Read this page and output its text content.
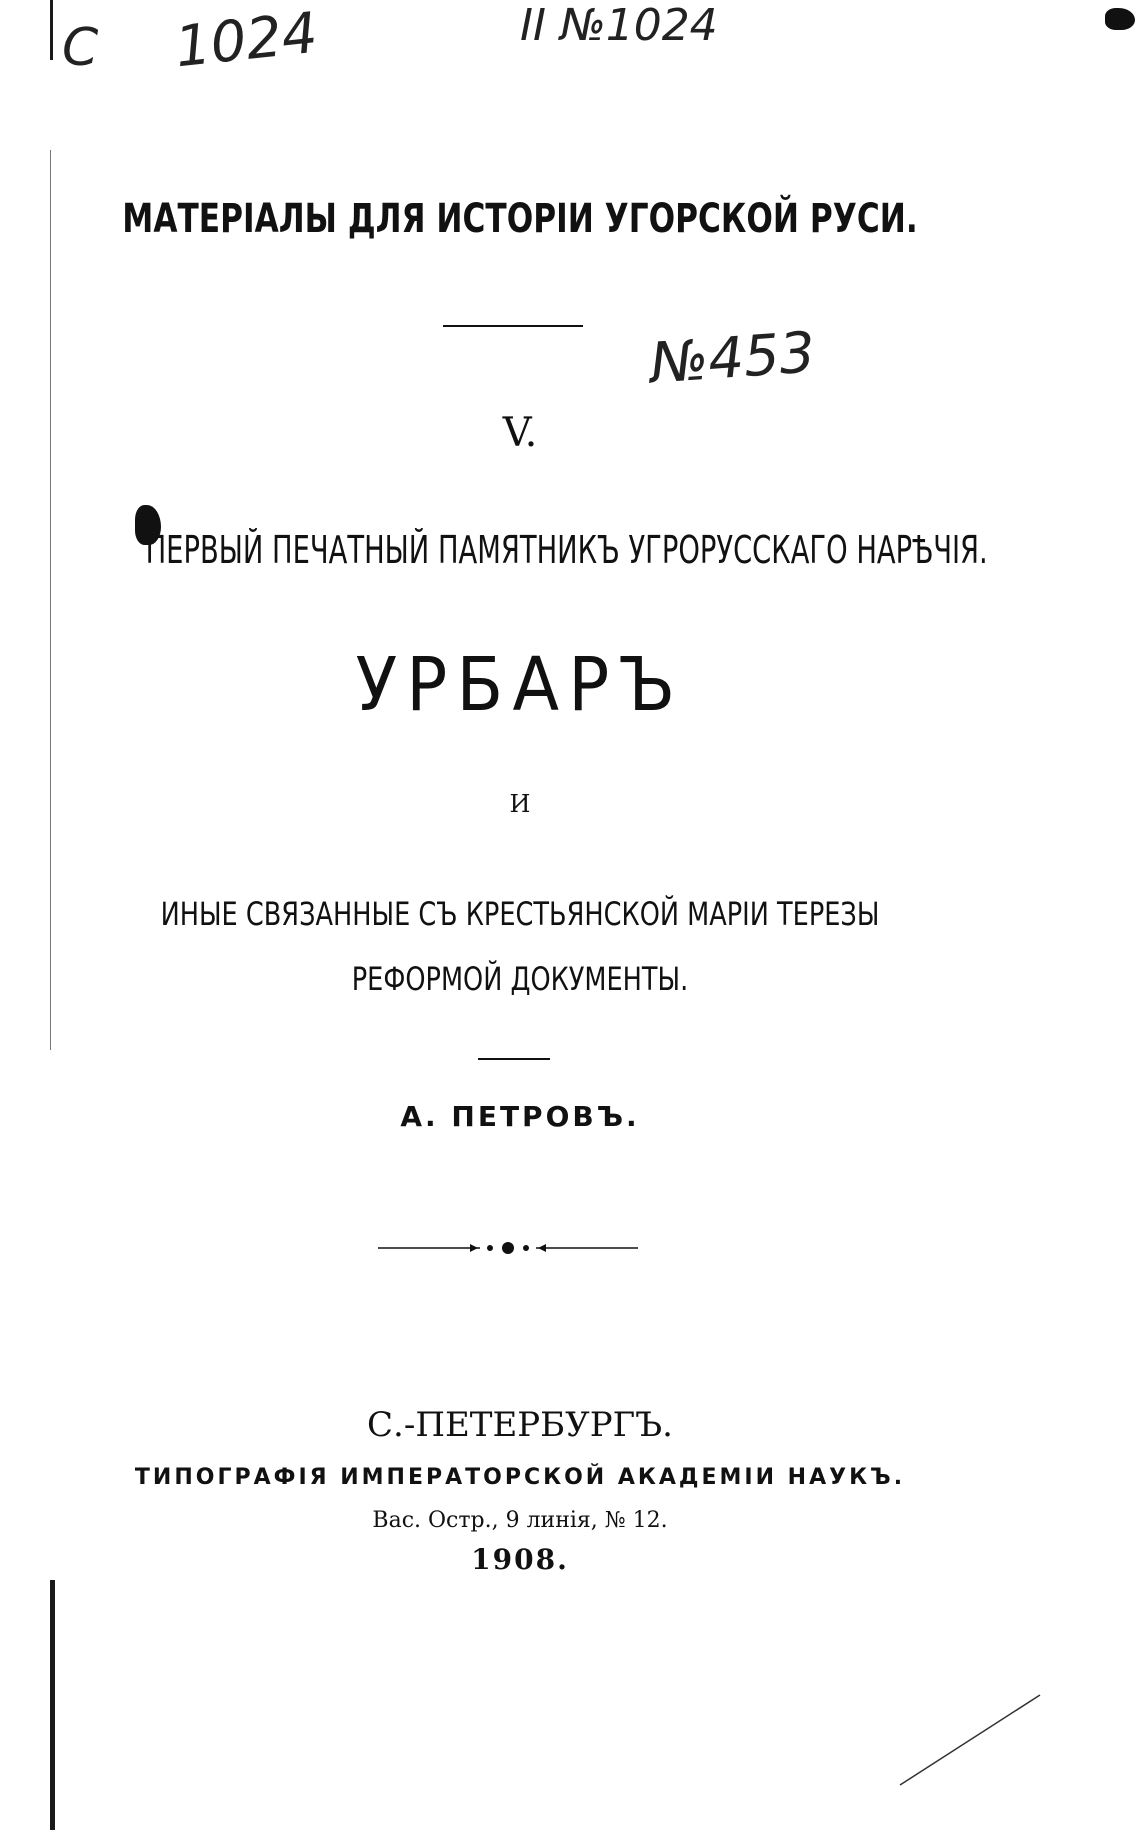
C 1024	II №1024
№453
МАТЕРІАЛЫ ДЛЯ ИСТОРІИ УГОРСКОЙ РУСИ.
V.
ПЕРВЫЙ ПЕЧАТНЫЙ ПАМЯТНИКЪ УГРОРУССКАГО НАРѢЧІЯ.
УРБАРЪ
И
ИНЫЕ СВЯЗАННЫЕ СЪ КРЕСТЬЯНСКОЙ МАРІИ ТЕРЕЗЫ
РЕФОРМОЙ ДОКУМЕНТЫ.
А. ПЕТРОВЪ.
С.-ПЕТЕРБУРГЪ.
ТИПОГРАФІЯ ИМПЕРАТОРСКОЙ АКАДЕМІИ НАУКЪ.
Вас. Остр., 9 линія, № 12.
1908.
